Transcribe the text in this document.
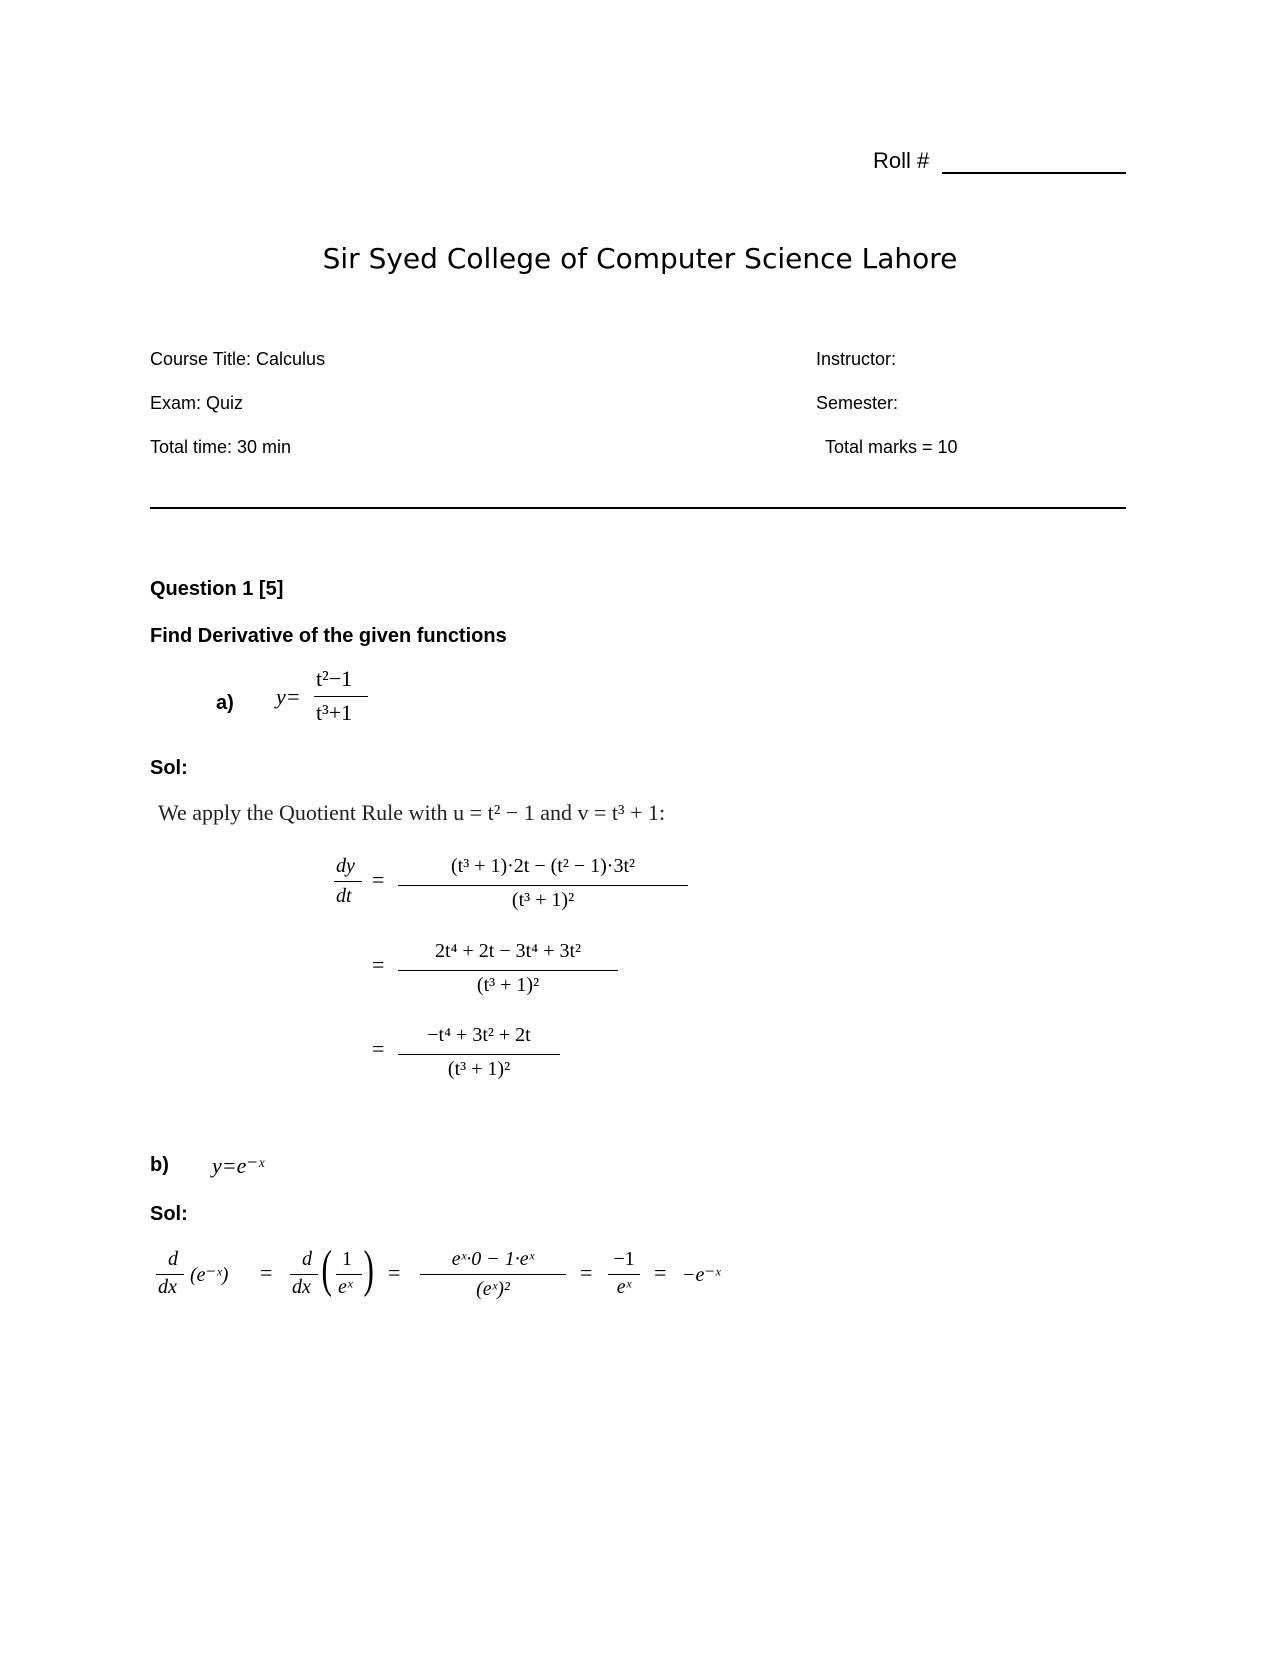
Roll #
Sir Syed College of Computer Science Lahore
Course Title: Calculus
Exam: Quiz
Total time: 30 min
Instructor:
Semester:
Total marks = 10
Question 1 [5]
Find Derivative of the given functions
a) y=
t²−1
t³+1
Sol:
We apply the Quotient Rule with u = t² − 1 and v = t³ + 1:
dy
dt
=
(t³ + 1)·2t − (t² − 1)·3t²
(t³ + 1)²
=
2t⁴ + 2t − 3t⁴ + 3t²
(t³ + 1)²
=
−t⁴ + 3t² + 2t
(t³ + 1)²
b) y=e⁻ˣ
Sol:
d
dx
(e⁻ˣ) =
d
dx ( 1
eˣ ) =
eˣ·0 − 1·eˣ
(eˣ)²
=
−1
eˣ
= −e⁻ˣ
